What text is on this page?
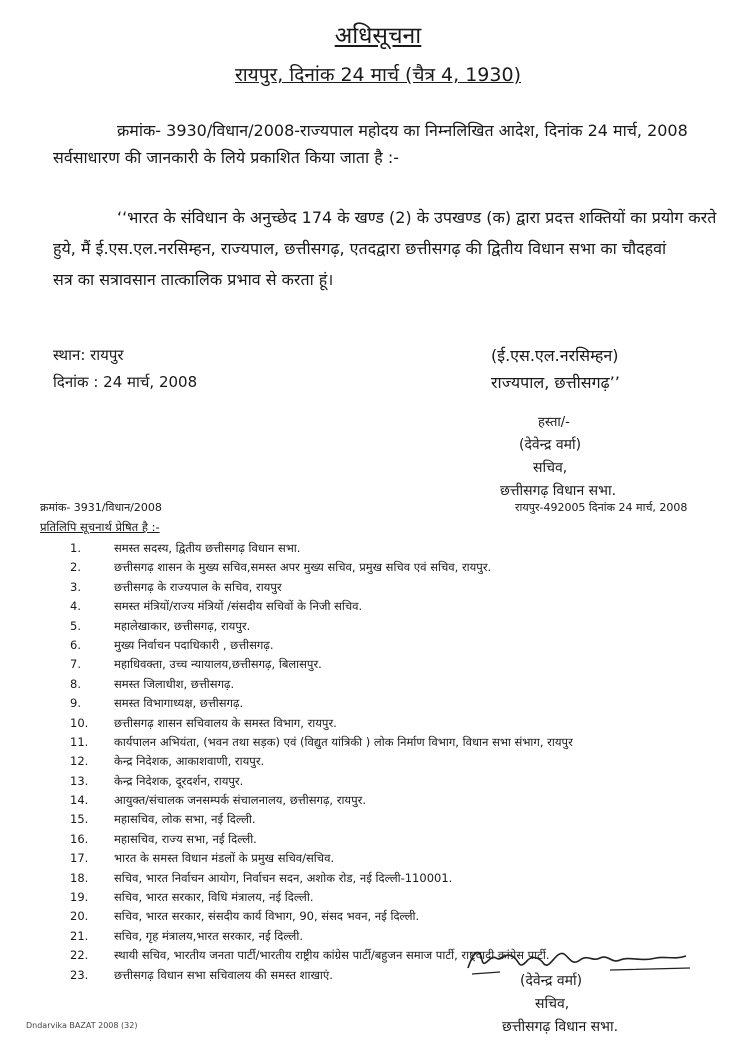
अधिसूचना
रायपुर, दिनांक 24 मार्च (चैत्र 4, 1930)
क्रमांक- 3930/विधान/2008-राज्यपाल महोदय का निम्नलिखित आदेश, दिनांक 24 मार्च, 2008
सर्वसाधारण की जानकारी के लिये प्रकाशित किया जाता है :-
‘‘भारत के संविधान के अनुच्छेद 174 के खण्ड (2) के उपखण्ड (क) द्वारा प्रदत्त शक्तियों का प्रयोग करते
हुये, मैं ई.एस.एल.नरसिम्हन, राज्यपाल, छत्तीसगढ़, एतदद्वारा छत्तीसगढ़ की द्वितीय विधान सभा का चौदहवां
सत्र का सत्रावसान तात्कालिक प्रभाव से करता हूं।
स्थान: रायपुर
दिनांक : 24 मार्च, 2008
(ई.एस.एल.नरसिम्हन)
राज्यपाल, छत्तीसगढ़’’
हस्ता/-
(देवेन्द्र वर्मा)
सचिव,
छत्तीसगढ़ विधान सभा.
क्रमांक- 3931/विधान/2008	रायपुर-492005 दिनांक 24 मार्च, 2008
प्रतिलिपि सूचनार्थ प्रेषित है :-
1.	समस्त सदस्य, द्वितीय छत्तीसगढ़ विधान सभा.
2.	छत्तीसगढ़ शासन के मुख्य सचिव,समस्त अपर मुख्य सचिव, प्रमुख सचिव एवं सचिव, रायपुर.
3.	छत्तीसगढ़ के राज्यपाल के सचिव, रायपुर
4.	समस्त मंत्रियों/राज्य मंत्रियों /संसदीय सचिवों के निजी सचिव.
5.	महालेखाकार, छत्तीसगढ़, रायपुर.
6.	मुख्य निर्वाचन पदाधिकारी , छत्तीसगढ़.
7.	महाधिवक्ता, उच्च न्यायालय,छत्तीसगढ़, बिलासपुर.
8.	समस्त जिलाधीश, छत्तीसगढ़.
9.	समस्त विभागाध्यक्ष, छत्तीसगढ़.
10.	छत्तीसगढ़ शासन सचिवालय के समस्त विभाग, रायपुर.
11.	कार्यपालन अभियंता, (भवन तथा सड़क) एवं (विद्युत यांत्रिकी ) लोक निर्माण विभाग, विधान सभा संभाग, रायपुर
12.	केन्द्र निदेशक, आकाशवाणी, रायपुर.
13.	केन्द्र निदेशक, दूरदर्शन, रायपुर.
14.	आयुक्त/संचालक जनसम्पर्क संचालनालय, छत्तीसगढ़, रायपुर.
15.	महासचिव, लोक सभा, नई दिल्ली.
16.	महासचिव, राज्य सभा, नई दिल्ली.
17.	भारत के समस्त विधान मंडलों के प्रमुख सचिव/सचिव.
18.	सचिव, भारत निर्वाचन आयोग, निर्वाचन सदन, अशोक रोड, नई दिल्ली-110001.
19.	सचिव, भारत सरकार, विधि मंत्रालय, नई दिल्ली.
20.	सचिव, भारत सरकार, संसदीय कार्य विभाग, 90, संसद भवन, नई दिल्ली.
21.	सचिव, गृह मंत्रालय,भारत सरकार, नई दिल्ली.
22.	स्थायी सचिव, भारतीय जनता पार्टी/भारतीय राष्ट्रीय कांग्रेस पार्टी/बहुजन समाज पार्टी, राष्ट्रवादी कांग्रेस पार्टी.
23.	छत्तीसगढ़ विधान सभा सचिवालय की समस्त शाखाएं.	(देवेन्द्र वर्मा)
सचिव,
छत्तीसगढ़ विधान सभा.
Dndarvika BAZAT 2008 (32)
